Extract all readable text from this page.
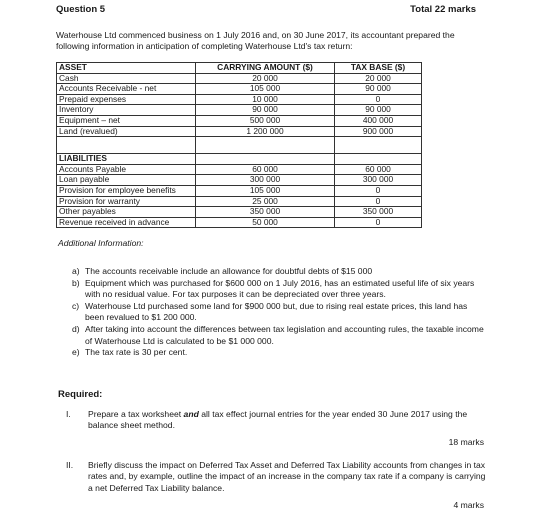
Question 5	Total 22 marks
Waterhouse Ltd commenced business on 1 July 2016 and, on 30 June 2017, its accountant prepared the following information in anticipation of completing Waterhouse Ltd's tax return:
ASSET	CARRYING AMOUNT ($)	TAX BASE ($)
Cash	20 000	20 000
Accounts Receivable - net	105 000	90 000
Prepaid expenses	10 000	0
Inventory	90 000	90 000
Equipment – net	500 000	400 000
Land (revalued)	1 200 000	900 000

LIABILITIES		
Accounts Payable	60 000	60 000
Loan payable	300 000	300 000
Provision for employee benefits	105 000	0
Provision for warranty	25 000	0
Other payables	350 000	350 000
Revenue received in advance	50 000	0
Additional Information:
a) The accounts receivable include an allowance for doubtful debts of $15 000
b) Equipment which was purchased for $600 000 on 1 July 2016, has an estimated useful life of six years with no residual value. For tax purposes it can be depreciated over three years.
c) Waterhouse Ltd purchased some land for $900 000 but, due to rising real estate prices, this land has been revalued to $1 200 000.
d) After taking into account the differences between tax legislation and accounting rules, the taxable income of Waterhouse Ltd is calculated to be $1 000 000.
e) The tax rate is 30 per cent.
Required:
I. Prepare a tax worksheet and all tax effect journal entries for the year ended 30 June 2017 using the balance sheet method.
18 marks
II. Briefly discuss the impact on Deferred Tax Asset and Deferred Tax Liability accounts from changes in tax rates and, by example, outline the impact of an increase in the company tax rate if a company is carrying a net Deferred Tax Liability balance.
4 marks
